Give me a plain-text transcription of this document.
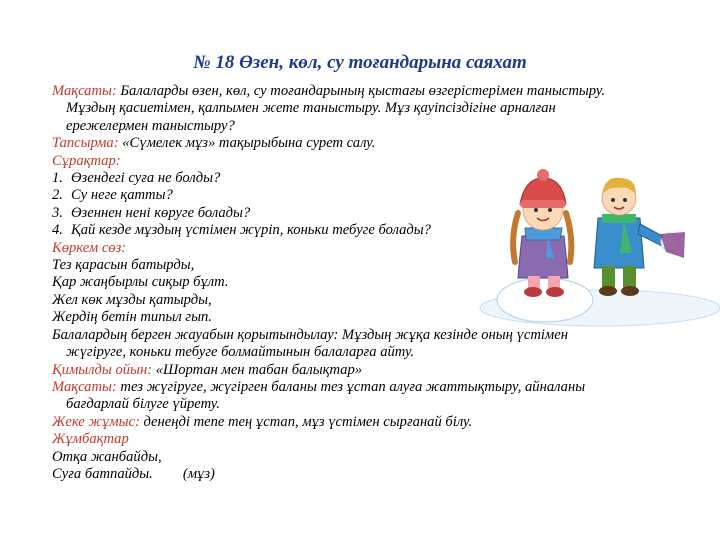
№ 18 Өзен, көл, су тоғандарына саяхат
Мақсаты: Балаларды өзен, көл, су тоғандарының қыстағы өзгерістерімен таныстыру.
Мұздың қасиетімен, қалпымен жете таныстыру. Мұз қауіпсіздігіне арналған
ережелермен таныстыру?
Тапсырма: «Сүмелек мұз» тақырыбына сурет салу.
Сұрақтар:
1. Өзендегі суға не болды?
2. Су неге қатты?
3. Өзеннен нені көруге болады?
4. Қай кезде мұздың үстімен жүріп, коньки тебуге болады?
Көркем сөз:
Тез қарасын батырды,
Қар жаңбырлы сиқыр бұлт.
Жел көк мұзды қатырды,
Жердің бетін типыл гып.
Балалардың берген жауабын қорытындылау: Мұздың жұқа кезінде оның үстімен
жүгіруге, коньки тебуге болмайтынын балаларға айту.
Қимылды ойын: «Шортан мен табан балықтар»
Мақсаты: тез жүгіруге, жүгірген баланы тез ұстап алуға жаттықтыру, айналаны
бағдарлай білуге үйрету.
Жеке жұмыс: денеңді тепе тең ұстап, мұз үстімен сырғанай білу.
Жұмбақтар
Отқа жанбайды,
Суға батпайды. (мұз)
